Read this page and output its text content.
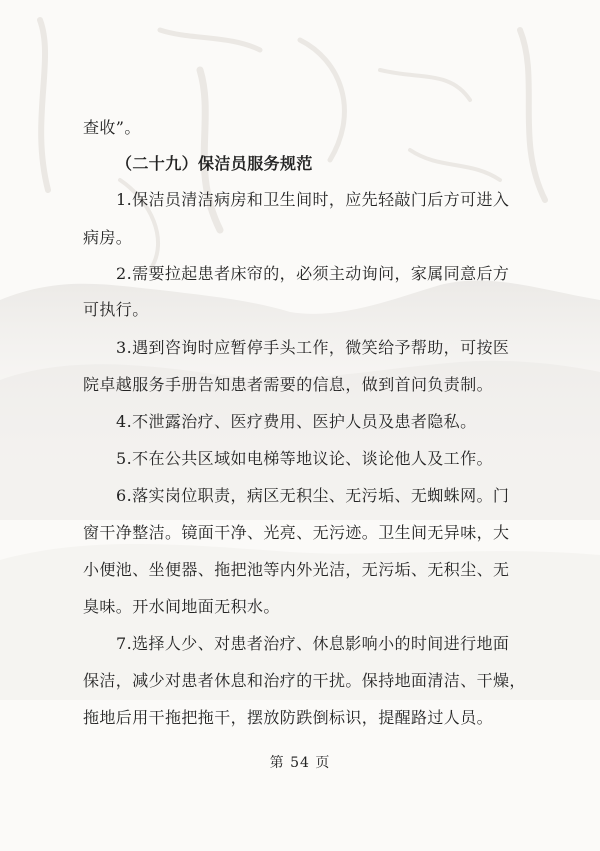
查收”。
（二十九）保洁员服务规范
1.保洁员清洁病房和卫生间时，应先轻敲门后方可进入
病房。
2.需要拉起患者床帘的，必须主动询问，家属同意后方
可执行。
3.遇到咨询时应暂停手头工作，微笑给予帮助，可按医
院卓越服务手册告知患者需要的信息，做到首问负责制。
4.不泄露治疗、医疗费用、医护人员及患者隐私。
5.不在公共区域如电梯等地议论、谈论他人及工作。
6.落实岗位职责，病区无积尘、无污垢、无蜘蛛网。门
窗干净整洁。镜面干净、光亮、无污迹。卫生间无异味，大
小便池、坐便器、拖把池等内外光洁，无污垢、无积尘、无
臭味。开水间地面无积水。
7.选择人少、对患者治疗、休息影响小的时间进行地面
保洁，减少对患者休息和治疗的干扰。保持地面清洁、干燥，
拖地后用干拖把拖干，摆放防跌倒标识，提醒路过人员。
第 54 页
